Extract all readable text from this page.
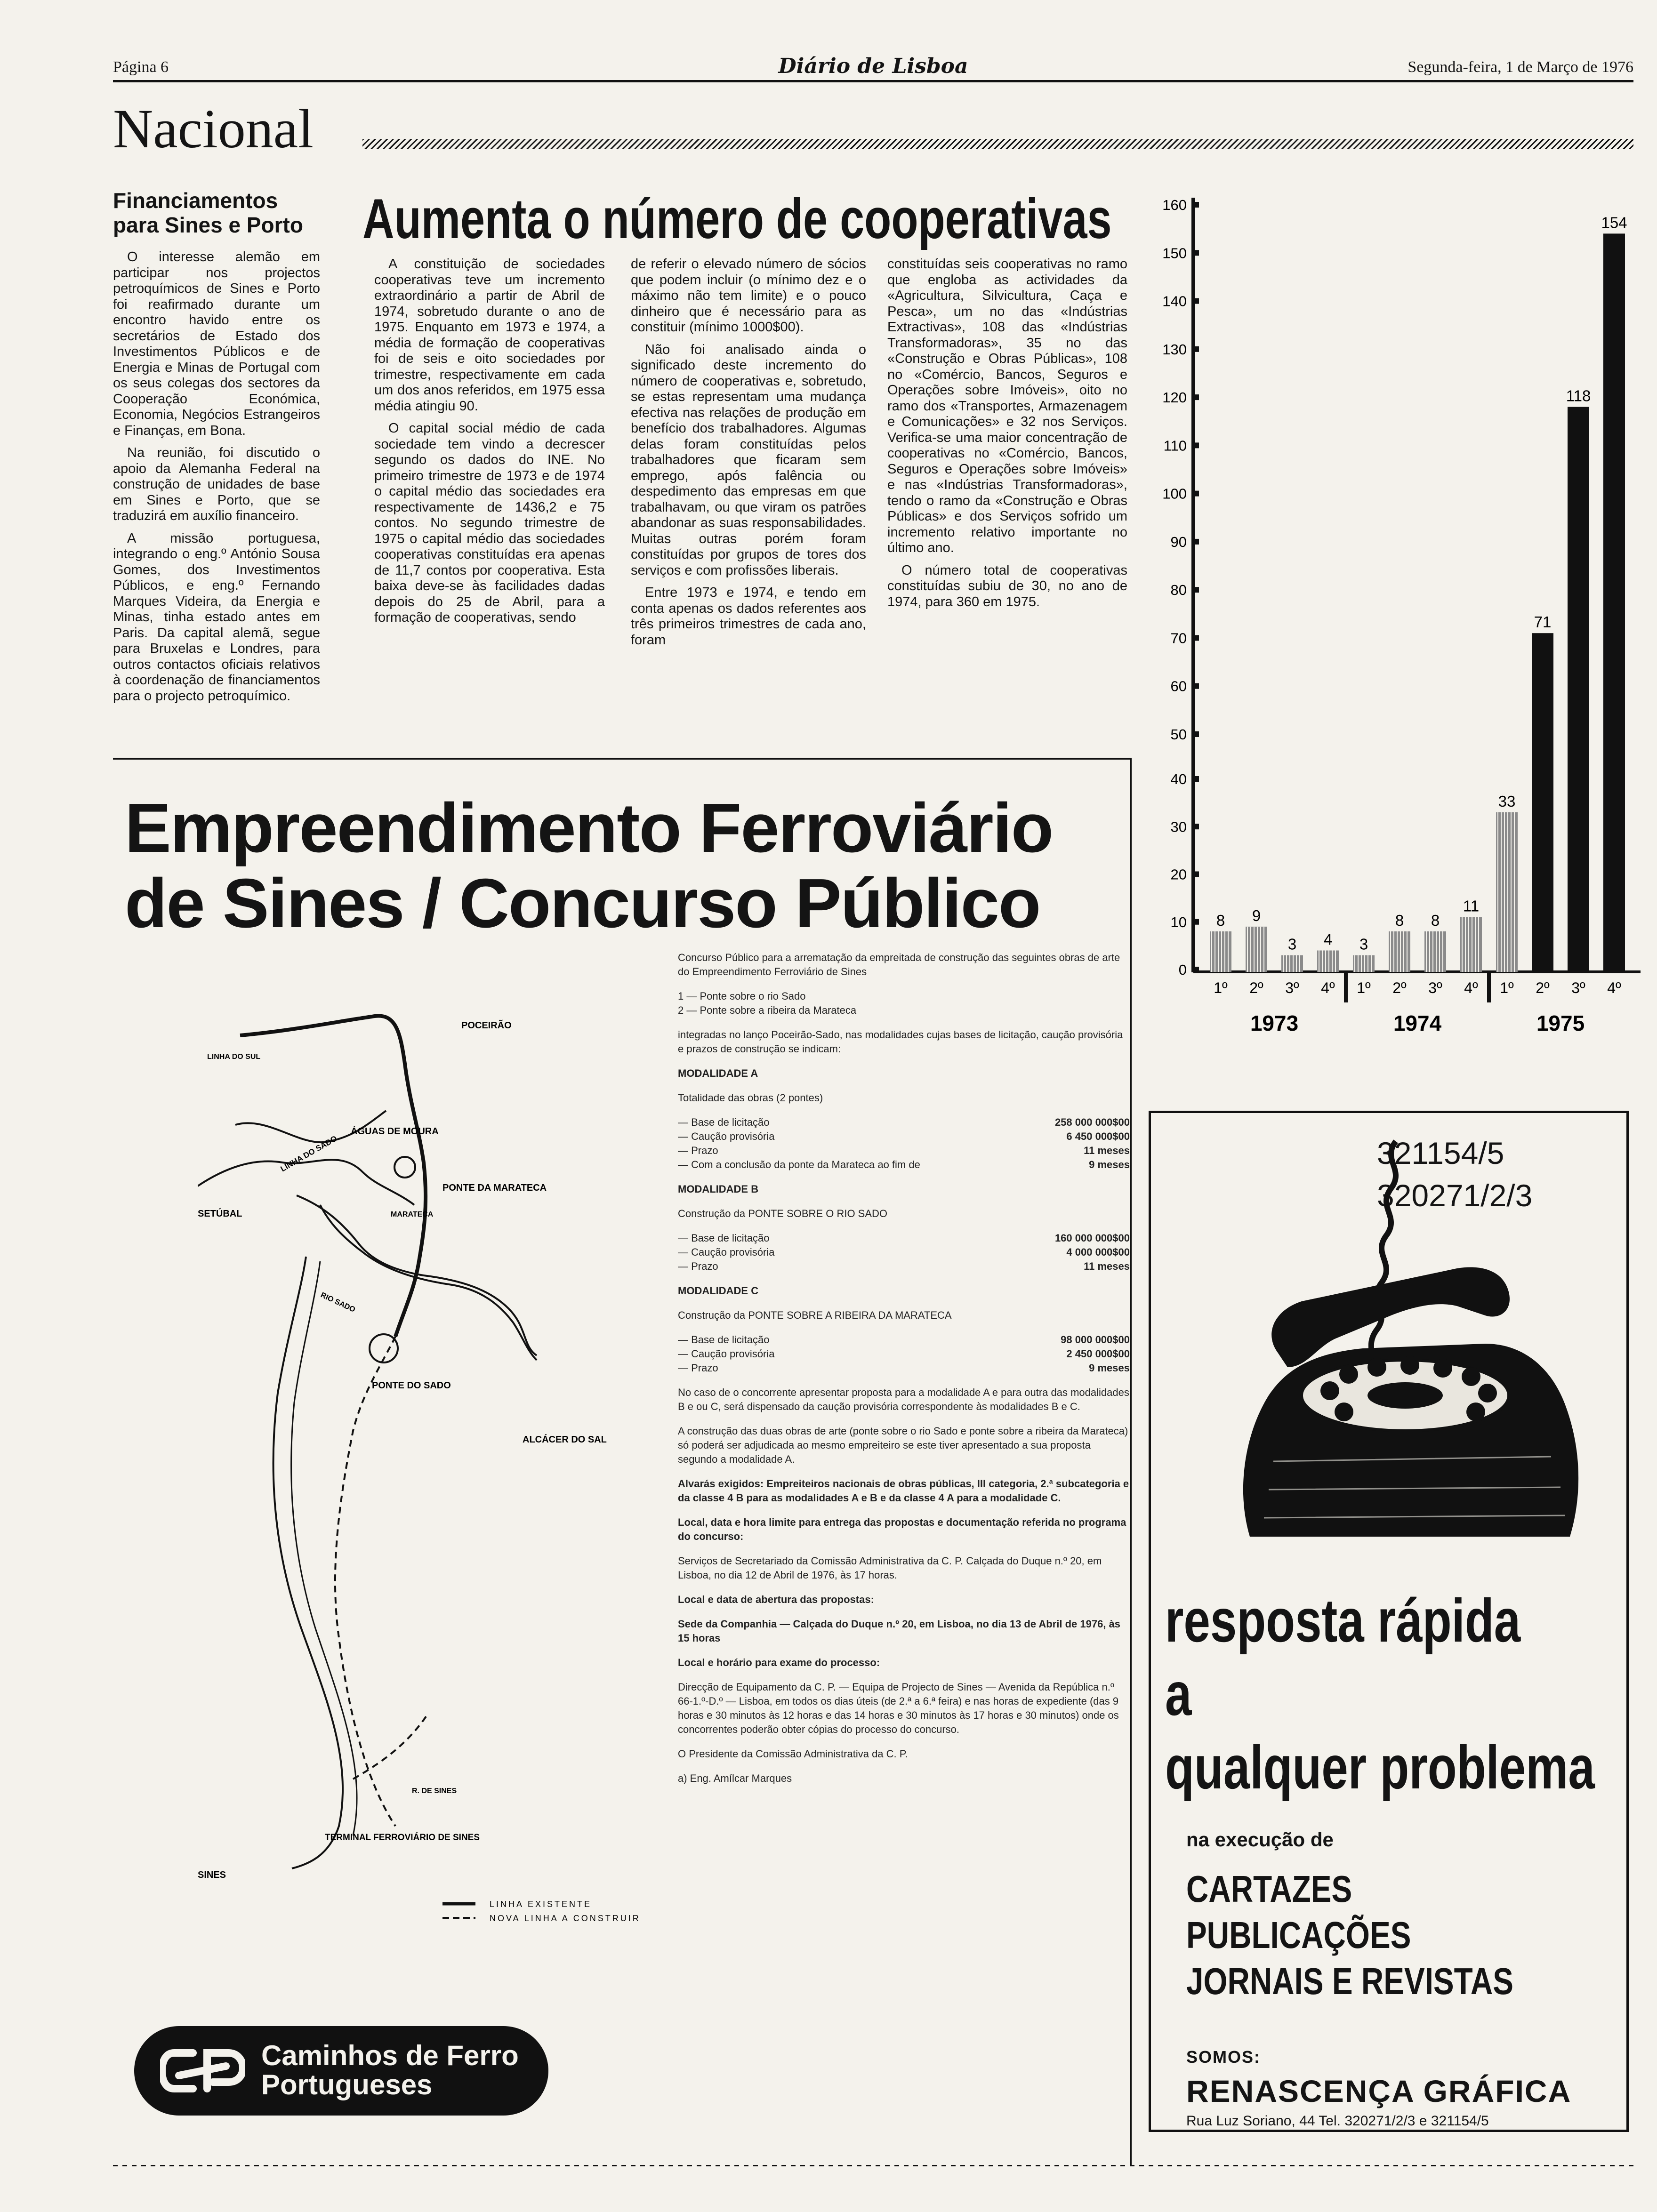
Página 6	Diário de Lisboa	Segunda-feira, 1 de Março de 1976
Nacional
Financiamentos para Sines e Porto

O interesse alemão em participar nos projectos petroquímicos de Sines e Porto foi reafirmado durante um encontro havido entre os secretários de Estado dos Investimentos Públicos e de Energia e Minas de Portugal com os seus colegas dos sectores da Cooperação Económica, Economia, Negócios Estrangeiros e Finanças, em Bona.

Na reunião, foi discutido o apoio da Alemanha Federal na construção de unidades de base em Sines e Porto, que se traduzirá em auxílio financeiro.

A missão portuguesa, integrando o eng.º António Sousa Gomes, dos Investimentos Públicos, e eng.º Fernando Marques Videira, da Energia e Minas, tinha estado antes em Paris. Da capital alemã, segue para Bruxelas e Londres, para outros contactos oficiais relativos à coordenação de financiamentos para o projecto petroquímico.

Aumenta o número de cooperativas

A constituição de sociedades cooperativas teve um incremento extraordinário a partir de Abril de 1974, sobretudo durante o ano de 1975. Enquanto em 1973 e 1974, a média de formação de cooperativas foi de seis e oito sociedades por trimestre, respectivamente em cada um dos anos referidos, em 1975 essa média atingiu 90.

O capital social médio de cada sociedade tem vindo a decrescer segundo os dados do INE. No primeiro trimestre de 1973 e de 1974 o capital médio das sociedades era respectivamente de 1436,2 e 75 contos. No segundo trimestre de 1975 o capital médio das sociedades cooperativas constituídas era apenas de 11,7 contos por cooperativa. Esta baixa deve-se às facilidades dadas depois do 25 de Abril, para a formação de cooperativas, sendo

de referir o elevado número de sócios que podem incluir (o mínimo dez e o máximo não tem limite) e o pouco dinheiro que é necessário para as constituir (mínimo 1000$00).

Não foi analisado ainda o significado deste incremento do número de cooperativas e, sobretudo, se estas representam uma mudança efectiva nas relações de produção em benefício dos trabalhadores. Algumas delas foram constituídas pelos trabalhadores que ficaram sem emprego, após falência ou despedimento das empresas em que trabalhavam, ou que viram os patrões abandonar as suas responsabilidades. Muitas outras porém foram constituídas por grupos de tores dos serviços e com profissões liberais.

Entre 1973 e 1974, e tendo em conta apenas os dados referentes aos três primeiros trimestres de cada ano, foram

constituídas seis cooperativas no ramo que engloba as actividades da «Agricultura, Silvicultura, Caça e Pesca», um no das «Indústrias Extractivas», 108 das «Indústrias Transformadoras», 35 no das «Construção e Obras Públicas», 108 no «Comércio, Bancos, Seguros e Operações sobre Imóveis», oito no ramo dos «Transportes, Armazenagem e Comunicações» e 32 nos Serviços. Verifica-se uma maior concentração de cooperativas no «Comércio, Bancos, Seguros e Operações sobre Imóveis» e nas «Indústrias Transformadoras», tendo o ramo da «Construção e Obras Públicas» e dos Serviços sofrido um incremento relativo importante no último ano.

O número total de cooperativas constituídas subiu de 30, no ano de 1974, para 360 em 1975.

0
10
20
30
40
50
60
70
80
90
100
110
120
130
140
150
160
8
1º
9
2º
3
3º
4
4º
3
1º
8
2º
8
3º
11
4º
33
1º
71
2º
118
3º
154
4º
1973	1974	1975
Empreendimento Ferroviário
de Sines / Concurso Público
POCEIRÃO
LINHA DO SUL
ÁGUAS DE MOURA
LINHA DO SADO
PONTE DA MARATECA
SETÚBAL	MARATECA
RIO SADO
PONTE DO SADO
ALCÁCER DO SAL
R. DE SINES
TERMINAL FERROVIÁRIO DE SINES
SINES
LINHA EXISTENTE
NOVA LINHA A CONSTRUIR
Concurso Público para a arrematação da empreitada de construção das seguintes obras de arte do Empreendimento Ferroviário de Sines
1 — Ponte sobre o rio Sado
2 — Ponte sobre a ribeira da Marateca
integradas no lanço Poceirão-Sado, nas modalidades cujas bases de licitação, caução provisória e prazos de construção se indicam:
MODALIDADE A
Totalidade das obras (2 pontes)
— Base de licitação	258 000 000$00
— Caução provisória	6 450 000$00
— Prazo	11 meses
— Com a conclusão da ponte da Marateca ao fim de	9 meses
MODALIDADE B
Construção da PONTE SOBRE O RIO SADO
— Base de licitação	160 000 000$00
— Caução provisória	4 000 000$00
— Prazo	11 meses
MODALIDADE C
Construção da PONTE SOBRE A RIBEIRA DA MARATECA
— Base de licitação	98 000 000$00
— Caução provisória	2 450 000$00
— Prazo	9 meses
No caso de o concorrente apresentar proposta para a modalidade A e para outra das modalidades B e ou C, será dispensado da caução provisória correspondente às modalidades B e C.
A construção das duas obras de arte (ponte sobre o rio Sado e ponte sobre a ribeira da Marateca) só poderá ser adjudicada ao mesmo empreiteiro se este tiver apresentado a sua proposta segundo a modalidade A.
Alvarás exigidos: Empreiteiros nacionais de obras públicas, III categoria, 2.ª subcategoria e da classe 4 B para as modalidades A e B e da classe 4 A para a modalidade C.
Local, data e hora limite para entrega das propostas e documentação referida no programa do concurso:
Serviços de Secretariado da Comissão Administrativa da C. P. Calçada do Duque n.º 20, em Lisboa, no dia 12 de Abril de 1976, às 17 horas.
Local e data de abertura das propostas:
Sede da Companhia — Calçada do Duque n.º 20, em Lisboa, no dia 13 de Abril de 1976, às 15 horas
Local e horário para exame do processo:
Direcção de Equipamento da C. P. — Equipa de Projecto de Sines — Avenida da República n.º 66-1.º-D.º — Lisboa, em todos os dias úteis (de 2.ª a 6.ª feira) e nas horas de expediente (das 9 horas e 30 minutos às 12 horas e das 14 horas e 30 minutos às 17 horas e 30 minutos) onde os concorrentes poderão obter cópias do processo do concurso.
O Presidente da Comissão Administrativa da C. P.
a) Eng. Amílcar Marques
Caminhos de Ferro Portugueses
321154/5
320271/2/3
resposta rápida
a
qualquer problema
na execução de
CARTAZES
PUBLICAÇÕES
JORNAIS E REVISTAS
SOMOS:
RENASCENÇA GRÁFICA
Rua Luz Soriano, 44 Tel. 320271/2/3 e 321154/5
